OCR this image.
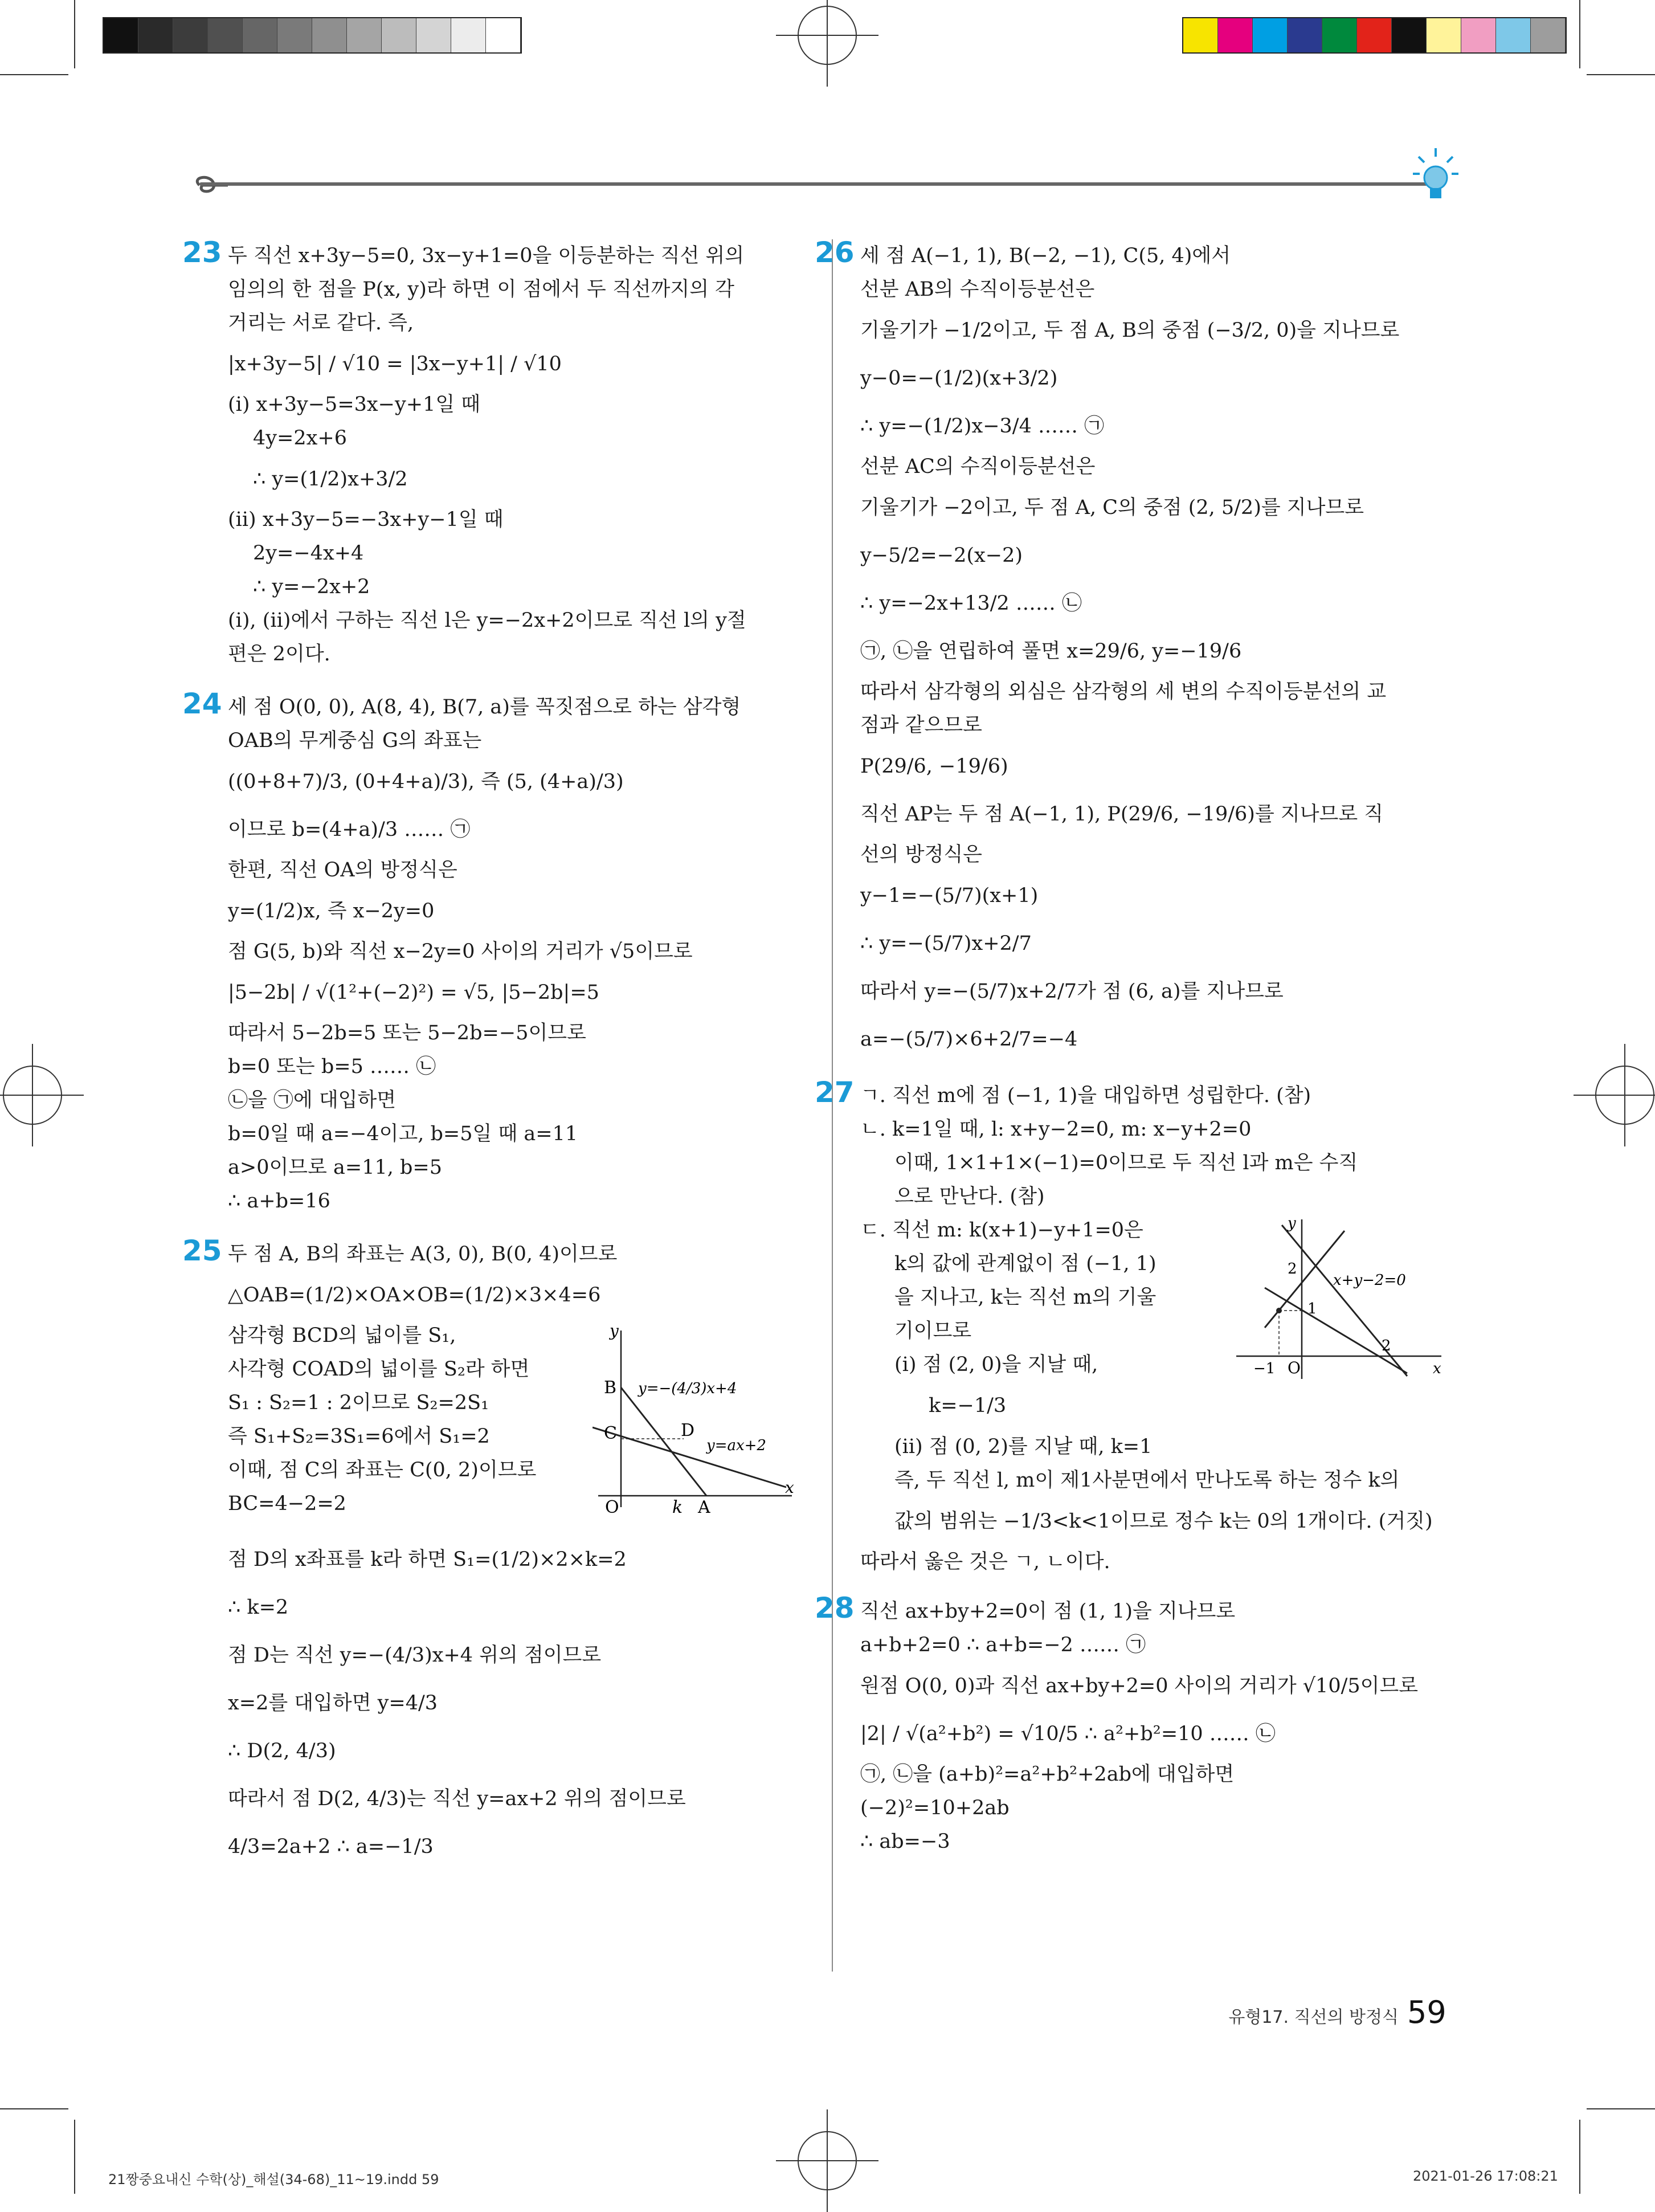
23 두 직선 x+3y−5=0, 3x−y+1=0을 이등분하는 직선 위의
임의의 한 점을 P(x, y)라 하면 이 점에서 두 직선까지의 각
거리는 서로 같다. 즉,
|x+3y−5| / √10 = |3x−y+1| / √10
(ⅰ) x+3y−5=3x−y+1일 때
4y=2x+6
∴ y=(1/2)x+3/2
(ⅱ) x+3y−5=−3x+y−1일 때
2y=−4x+4
∴ y=−2x+2
(ⅰ), (ⅱ)에서 구하는 직선 l은 y=−2x+2이므로 직선 l의 y절
편은 2이다.
24 세 점 O(0, 0), A(8, 4), B(7, a)를 꼭짓점으로 하는 삼각형
OAB의 무게중심 G의 좌표는
((0+8+7)/3, (0+4+a)/3), 즉 (5, (4+a)/3)
이므로 b=(4+a)/3 …… ㉠
한편, 직선 OA의 방정식은
y=(1/2)x, 즉 x−2y=0
점 G(5, b)와 직선 x−2y=0 사이의 거리가 √5이므로
|5−2b| / √(1²+(−2)²) = √5, |5−2b|=5
따라서 5−2b=5 또는 5−2b=−5이므로
b=0 또는 b=5 …… ㉡
㉡을 ㉠에 대입하면
b=0일 때 a=−4이고, b=5일 때 a=11
a>0이므로 a=11, b=5
∴ a+b=16
25 두 점 A, B의 좌표는 A(3, 0), B(0, 4)이므로
△OAB=(1/2)×OA×OB=(1/2)×3×4=6
삼각형 BCD의 넓이를 S₁,
사각형 COAD의 넓이를 S₂라 하면
S₁ : S₂=1 : 2이므로 S₂=2S₁
즉 S₁+S₂=3S₁=6에서 S₁=2
이때, 점 C의 좌표는 C(0, 2)이므로
BC=4−2=2
y
x
B
C	D
O	k A
y=−(4/3)x+4
y=ax+2
점 D의 x좌표를 k라 하면 S₁=(1/2)×2×k=2
∴ k=2
점 D는 직선 y=−(4/3)x+4 위의 점이므로
x=2를 대입하면 y=4/3
∴ D(2, 4/3)
따라서 점 D(2, 4/3)는 직선 y=ax+2 위의 점이므로
4/3=2a+2 ∴ a=−1/3
26 세 점 A(−1, 1), B(−2, −1), C(5, 4)에서
선분 AB의 수직이등분선은
기울기가 −1/2이고, 두 점 A, B의 중점 (−3/2, 0)을 지나므로
y−0=−(1/2)(x+3/2)
∴ y=−(1/2)x−3/4 …… ㉠
선분 AC의 수직이등분선은
기울기가 −2이고, 두 점 A, C의 중점 (2, 5/2)를 지나므로
y−5/2=−2(x−2)
∴ y=−2x+13/2 …… ㉡
㉠, ㉡을 연립하여 풀면 x=29/6, y=−19/6
따라서 삼각형의 외심은 삼각형의 세 변의 수직이등분선의 교
점과 같으므로
P(29/6, −19/6)
직선 AP는 두 점 A(−1, 1), P(29/6, −19/6)를 지나므로 직
선의 방정식은
y−1=−(5/7)(x+1)
∴ y=−(5/7)x+2/7
따라서 y=−(5/7)x+2/7가 점 (6, a)를 지나므로
a=−(5/7)×6+2/7=−4
27 ㄱ. 직선 m에 점 (−1, 1)을 대입하면 성립한다. (참)
ㄴ. k=1일 때, l: x+y−2=0, m: x−y+2=0
이때, 1×1+1×(−1)=0이므로 두 직선 l과 m은 수직
으로 만난다. (참)
ㄷ. 직선 m: k(x+1)−y+1=0은
k의 값에 관계없이 점 (−1, 1)
을 지나고, k는 직선 m의 기울
기이므로
(ⅰ) 점 (2, 0)을 지날 때,
k=−1/3
y
x
O
2
1
2
−1
x+y−2=0
(ⅱ) 점 (0, 2)를 지날 때, k=1
즉, 두 직선 l, m이 제1사분면에서 만나도록 하는 정수 k의
값의 범위는 −1/3<k<1이므로 정수 k는 0의 1개이다. (거짓)
따라서 옳은 것은 ㄱ, ㄴ이다.
28 직선 ax+by+2=0이 점 (1, 1)을 지나므로
a+b+2=0 ∴ a+b=−2 …… ㉠
원점 O(0, 0)과 직선 ax+by+2=0 사이의 거리가 √10/5이므로
|2| / √(a²+b²) = √10/5 ∴ a²+b²=10 …… ㉡
㉠, ㉡을 (a+b)²=a²+b²+2ab에 대입하면
(−2)²=10+2ab
∴ ab=−3
유형17. 직선의 방정식 59
21짱중요내신 수학(상)_해설(34-68)_11~19.indd 59	2021-01-26 17:08:21
